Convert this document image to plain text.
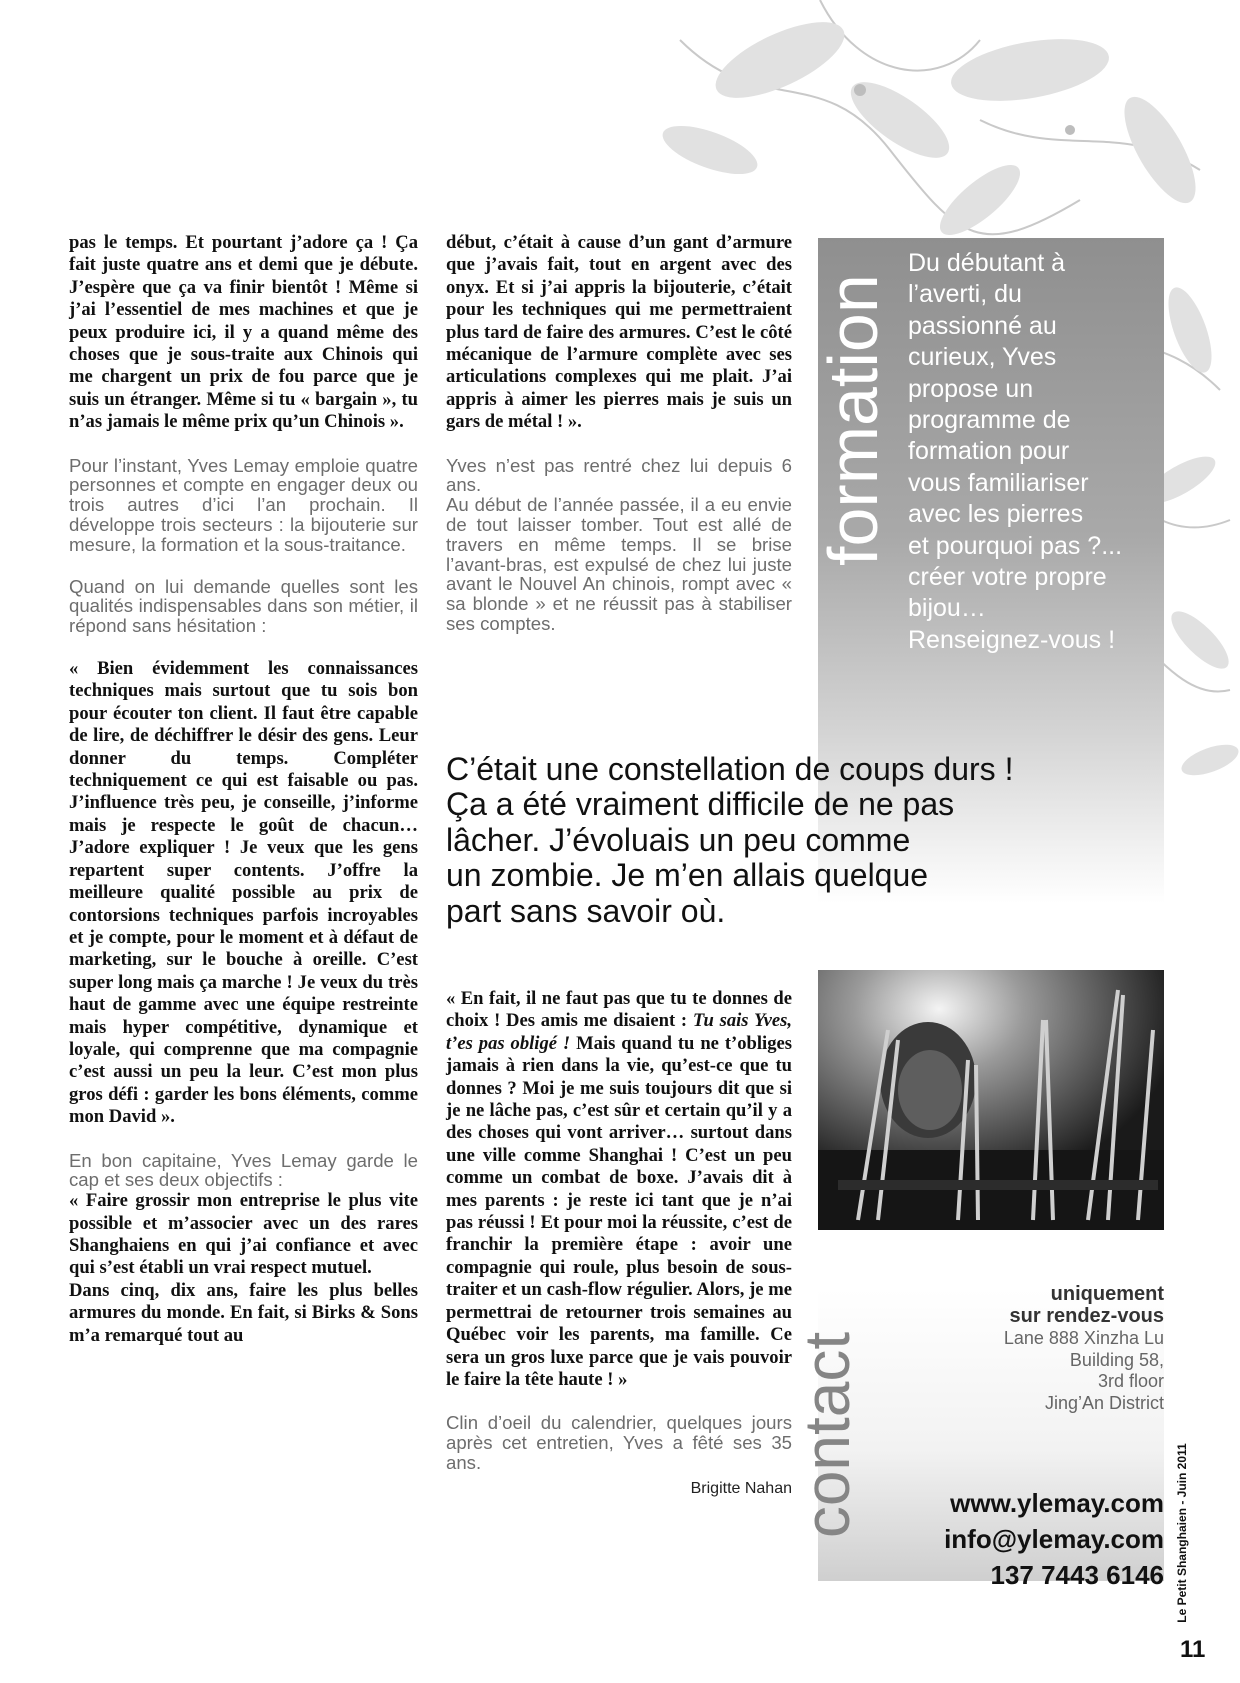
pas le temps. Et pourtant j’adore ça ! Ça fait juste quatre ans et demi que je débute. J’espère que ça va finir bientôt ! Même si j’ai l’essentiel de mes machines et que je peux produire ici, il y a quand même des choses que je sous-traite aux Chinois qui me chargent un prix de fou parce que je suis un étranger. Même si tu « bargain », tu n’as jamais le même prix qu’un Chinois ».

Pour l’instant, Yves Lemay emploie quatre personnes et compte en engager deux ou trois autres d’ici l’an prochain. Il développe trois secteurs : la bijouterie sur mesure, la formation et la sous-traitance.

Quand on lui demande quelles sont les qualités indispensables dans son métier, il répond sans hésitation :

« Bien évidemment les connaissances techniques mais surtout que tu sois bon pour écouter ton client. Il faut être capable de lire, de déchiffrer le désir des gens. Leur donner du temps. Compléter techniquement ce qui est faisable ou pas. J’influence très peu, je conseille, j’informe mais je respecte le goût de chacun… J’adore expliquer ! Je veux que les gens repartent super contents. J’offre la meilleure qualité possible au prix de contorsions techniques parfois incroyables et je compte, pour le moment et à défaut de marketing, sur le bouche à oreille. C’est super long mais ça marche ! Je veux du très haut de gamme avec une équipe restreinte mais hyper compétitive, dynamique et loyale, qui comprenne que ma compagnie c’est aussi un peu la leur. C’est mon plus gros défi : garder les bons éléments, comme mon David ».

En bon capitaine, Yves Lemay garde le cap et ses deux objectifs :

« Faire grossir mon entreprise le plus vite possible et m’associer avec un des rares Shanghaiens en qui j’ai confiance et avec qui s’est établi un vrai respect mutuel.

Dans cinq, dix ans, faire les plus belles armures du monde. En fait, si Birks & Sons m’a remarqué tout au

début, c’était à cause d’un gant d’armure que j’avais fait, tout en argent avec des onyx. Et si j’ai appris la bijouterie, c’était pour les techniques qui me permettraient plus tard de faire des armures. C’est le côté mécanique de l’armure complète avec ses articulations complexes qui me plait. J’ai appris à aimer les pierres mais je suis un gars de métal ! ».

Yves n’est pas rentré chez lui depuis 6 ans.

Au début de l’année passée, il a eu envie de tout laisser tomber. Tout est allé de travers en même temps. Il se brise l’avant-bras, est expulsé de chez lui juste avant le Nouvel An chinois, rompt avec « sa blonde » et ne réussit pas à stabiliser ses comptes.

formation

Du débutant à
l’averti, du
passionné au
curieux, Yves
propose un
programme de
formation pour
vous familiariser
avec les pierres
et pourquoi pas ?...
créer votre propre
bijou…
Renseignez-vous !

C’était une constellation de coups durs !
Ça a été vraiment difficile de ne pas
lâcher. J’évoluais un peu comme
un zombie. Je m’en allais quelque
part sans savoir où.

« En fait, il ne faut pas que tu te donnes de choix ! Des amis me disaient : Tu sais Yves, t’es pas obligé ! Mais quand tu ne t’obliges jamais à rien dans la vie, qu’est-ce que tu donnes ? Moi je me suis toujours dit que si je ne lâche pas, c’est sûr et certain qu’il y a des choses qui vont arriver… surtout dans une ville comme Shanghai ! C’est un peu comme un combat de boxe. J’avais dit à mes parents : je reste ici tant que je n’ai pas réussi ! Et pour moi la réussite, c’est de franchir la première étape : avoir une compagnie qui roule, plus besoin de sous-traiter et un cash-flow régulier. Alors, je me permettrai de retourner trois semaines au Québec voir les parents, ma famille. Ce sera un gros luxe parce que je vais pouvoir le faire la tête haute ! »

Clin d’oeil du calendrier, quelques jours après cet entretien, Yves a fêté ses 35 ans.

Brigitte Nahan contact

uniquement
sur rendez-vous

Lane 888 Xinzha Lu
Building 58,
3rd floor
Jing’An District

www.ylemay.com

info@ylemay.com

137 7443 6146 Le Petit Shanghaien - Juin 2011
11
